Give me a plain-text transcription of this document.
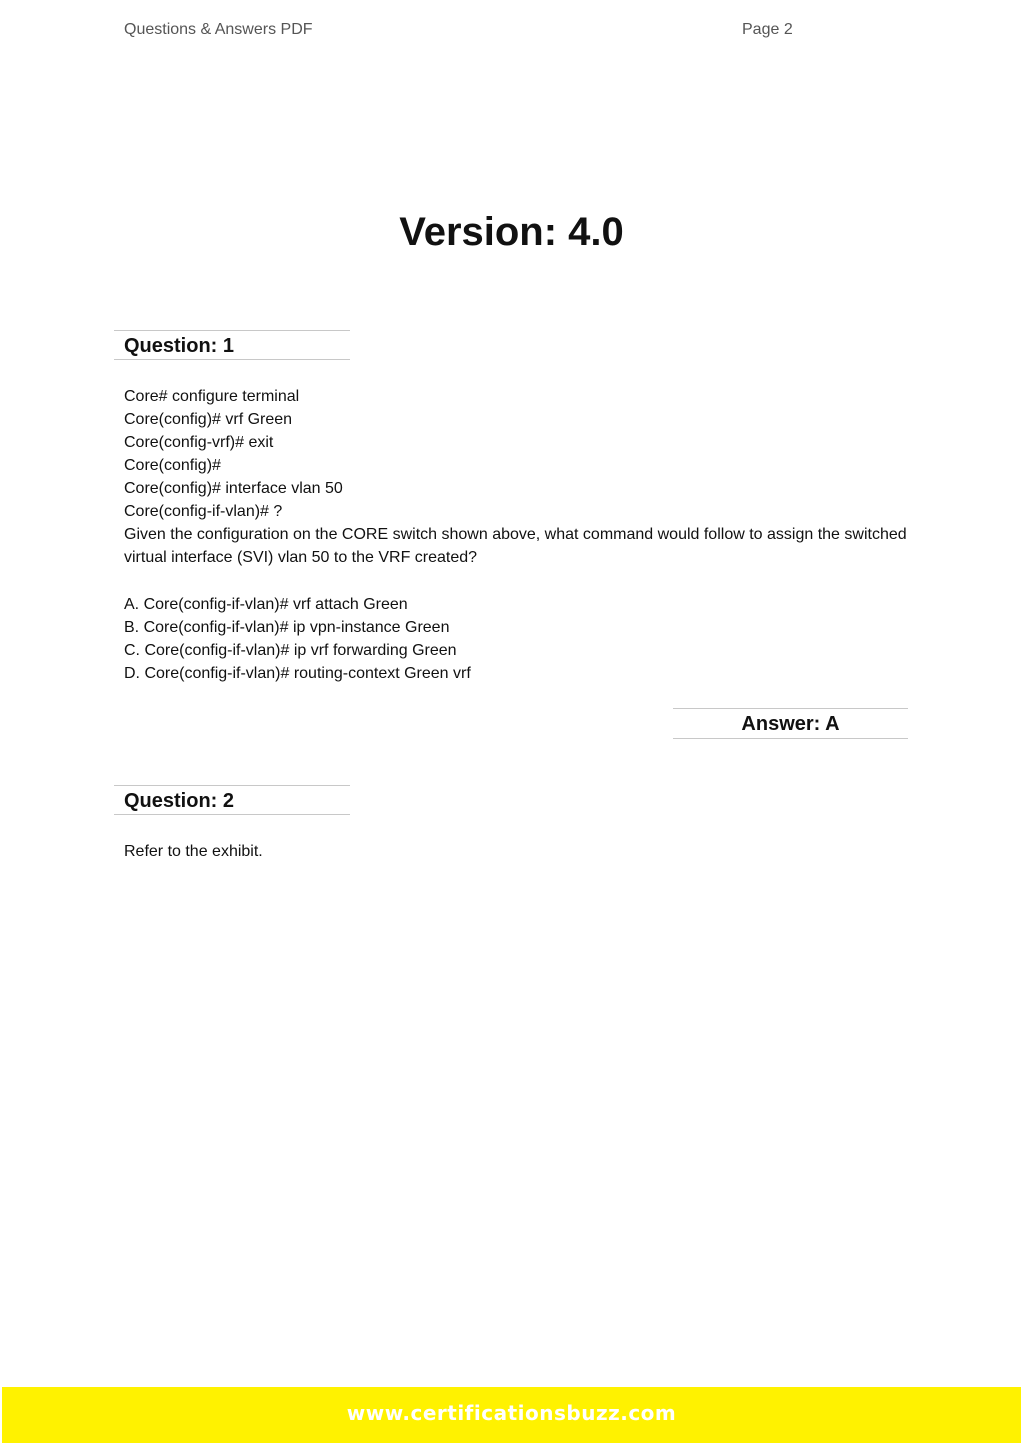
Questions & Answers PDF	Page 2
Version: 4.0
Question: 1
Core# configure terminal
Core(config)# vrf Green
Core(config-vrf)# exit
Core(config)#
Core(config)# interface vlan 50
Core(config-if-vlan)# ?
Given the configuration on the CORE switch shown above, what command would follow to assign the switched virtual interface (SVI) vlan 50 to the VRF created?
A. Core(config-if-vlan)# vrf attach Green
B. Core(config-if-vlan)# ip vpn-instance Green
C. Core(config-if-vlan)# ip vrf forwarding Green
D. Core(config-if-vlan)# routing-context Green vrf
Answer: A
Question: 2
Refer to the exhibit.
www.certificationsbuzz.com
